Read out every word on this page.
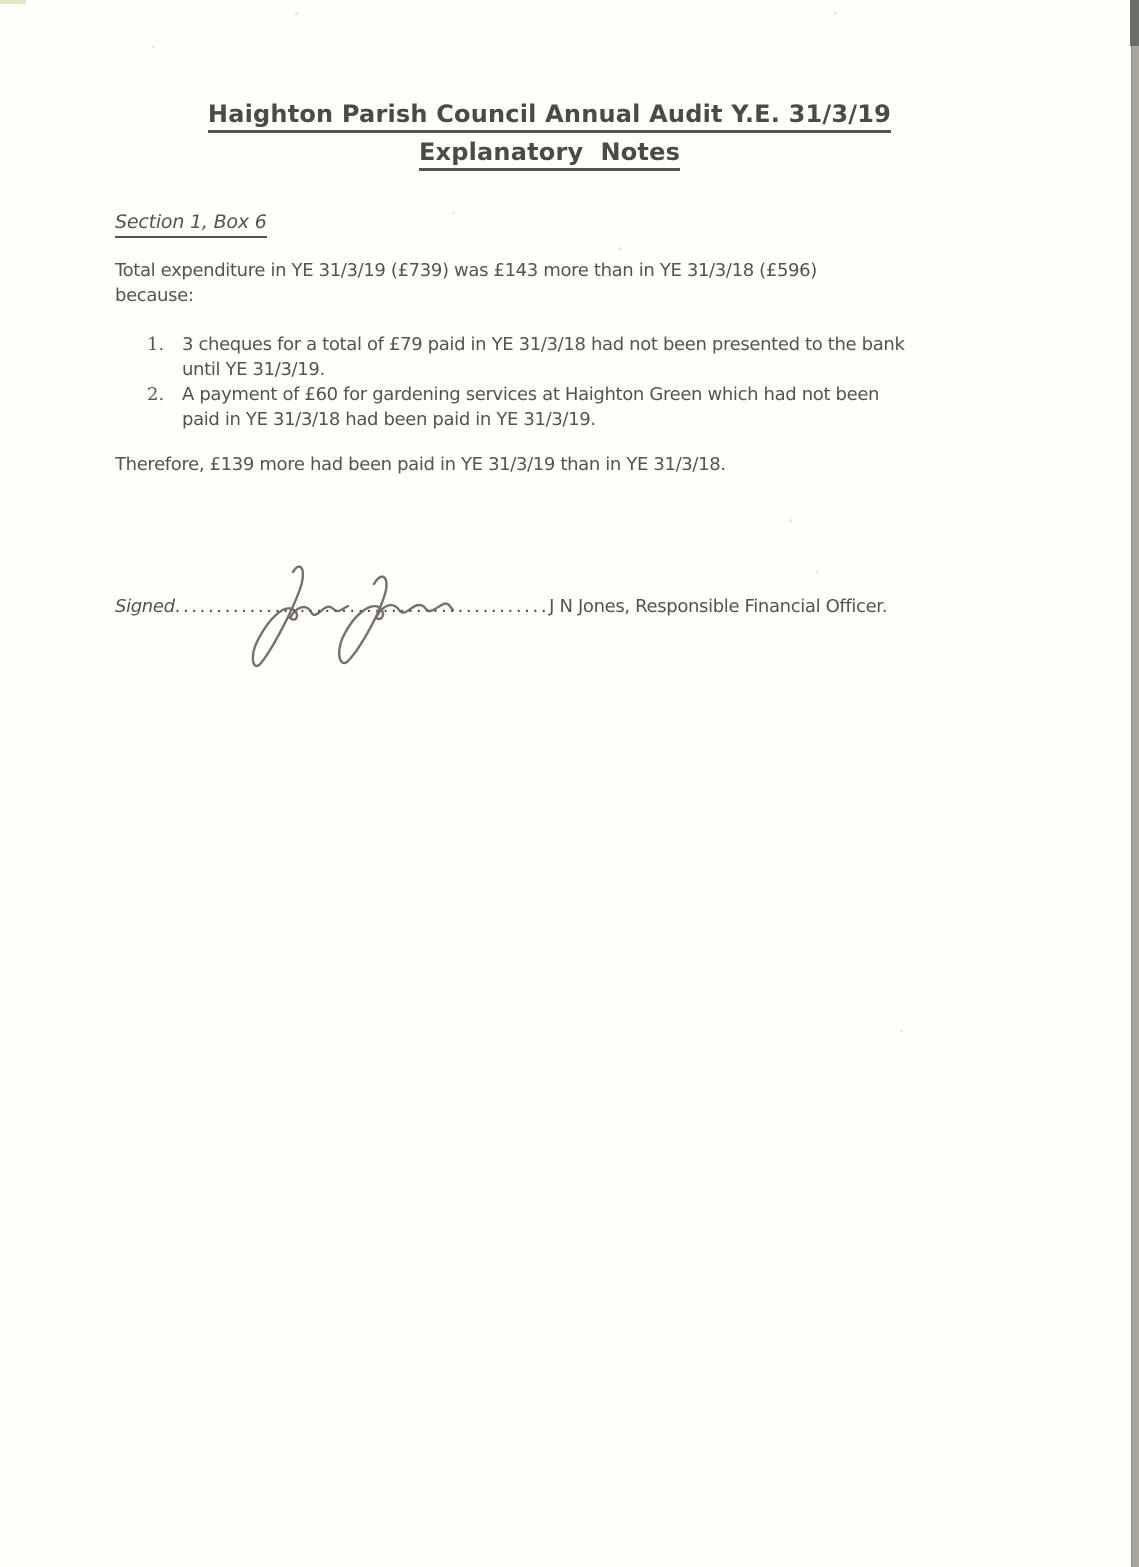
Haighton Parish Council Annual Audit Y.E. 31/3/19
Explanatory  Notes
Section 1, Box 6
Total expenditure in YE 31/3/19 (£739) was £143 more than in YE 31/3/18 (£596)
because:
1. 3 cheques for a total of £79 paid in YE 31/3/18 had not been presented to the bank
until YE 31/3/19.
2. A payment of £60 for gardening services at Haighton Green which had not been
paid in YE 31/3/18 had been paid in YE 31/3/19.
Therefore, £139 more had been paid in YE 31/3/19 than in YE 31/3/18.
Signed.............................................J N Jones, Responsible Financial Officer.
